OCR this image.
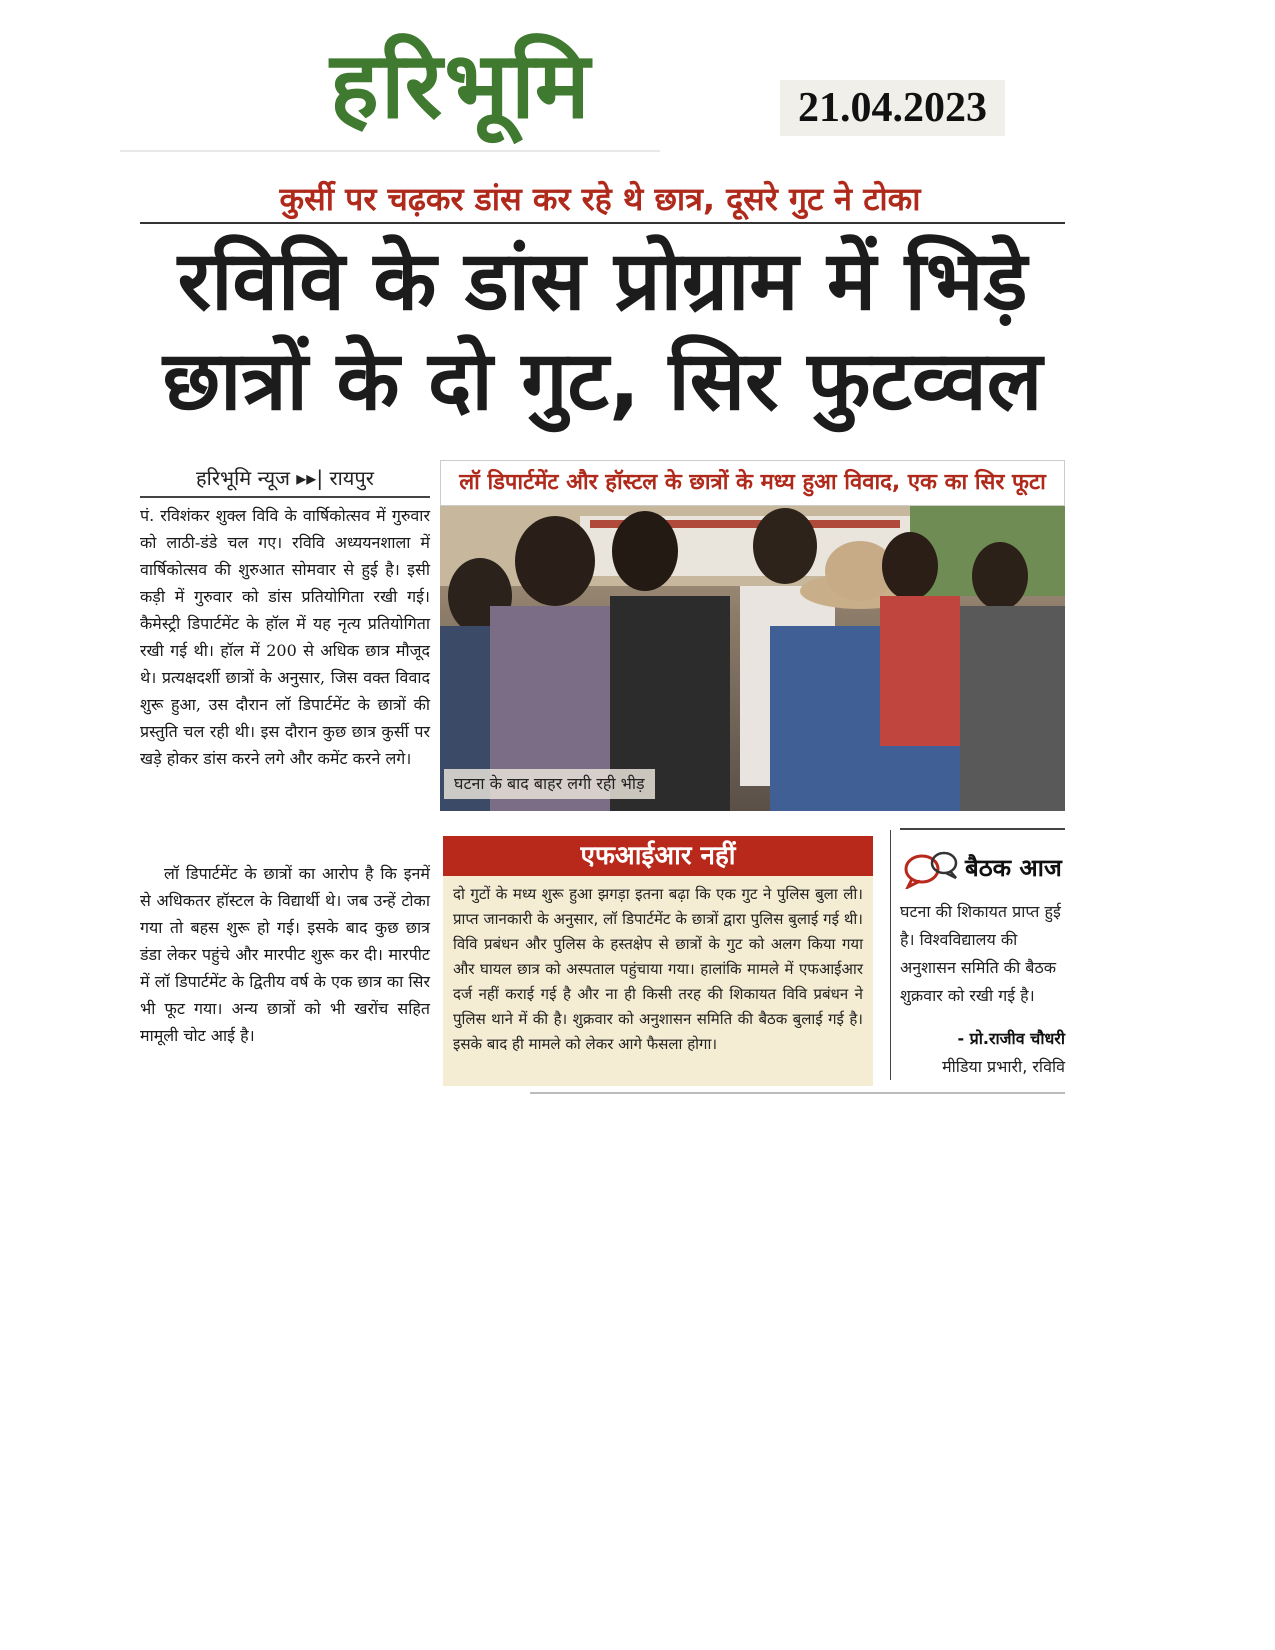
हरिभूमि	21.04.2023
कुर्सी पर चढ़कर डांस कर रहे थे छात्र, दूसरे गुट ने टोका
रविवि के डांस प्रोग्राम में भिड़े
छात्रों के दो गुट, सिर फुटव्वल
हरिभूमि न्यूज ▸▸| रायपुर
पं. रविशंकर शुक्ल विवि के वार्षिकोत्सव में गुरुवार को लाठी-डंडे चल गए। रविवि अध्ययनशाला में वार्षिकोत्सव की शुरुआत सोमवार से हुई है। इसी कड़ी में गुरुवार को डांस प्रतियोगिता रखी गई। कैमेस्ट्री डिपार्टमेंट के हॉल में यह नृत्य प्रतियोगिता रखी गई थी। हॉल में 200 से अधिक छात्र मौजूद थे। प्रत्यक्षदर्शी छात्रों के अनुसार, जिस वक्त विवाद शुरू हुआ, उस दौरान लॉ डिपार्टमेंट के छात्रों की प्रस्तुति चल रही थी। इस दौरान कुछ छात्र कुर्सी पर खड़े होकर डांस करने लगे और कमेंट करने लगे।
लॉ डिपार्टमेंट के छात्रों का आरोप है कि इनमें से अधिकतर हॉस्टल के विद्यार्थी थे। जब उन्हें टोका गया तो बहस शुरू हो गई। इसके बाद कुछ छात्र डंडा लेकर पहुंचे और मारपीट शुरू कर दी। मारपीट में लॉ डिपार्टमेंट के द्वितीय वर्ष के एक छात्र का सिर भी फूट गया। अन्य छात्रों को भी खरोंच सहित मामूली चोट आई है।
लॉ डिपार्टमेंट और हॉस्टल के छात्रों के मध्य हुआ विवाद, एक का सिर फूटा
घटना के बाद बाहर लगी रही भीड़
एफआईआर नहीं
दो गुटों के मध्य शुरू हुआ झगड़ा इतना बढ़ा कि एक गुट ने पुलिस बुला ली। प्राप्त जानकारी के अनुसार, लॉ डिपार्टमेंट के छात्रों द्वारा पुलिस बुलाई गई थी। विवि प्रबंधन और पुलिस के हस्तक्षेप से छात्रों के गुट को अलग किया गया और घायल छात्र को अस्पताल पहुंचाया गया। हालांकि मामले में एफआईआर दर्ज नहीं कराई गई है और ना ही किसी तरह की शिकायत विवि प्रबंधन ने पुलिस थाने में की है। शुक्रवार को अनुशासन समिति की बैठक बुलाई गई है। इसके बाद ही मामले को लेकर आगे फैसला होगा।
बैठक आज
घटना की शिकायत प्राप्त हुई है। विश्वविद्यालय की अनुशासन समिति की बैठक शुक्रवार को रखी गई है।
- प्रो.राजीव चौधरी
मीडिया प्रभारी, रविवि
